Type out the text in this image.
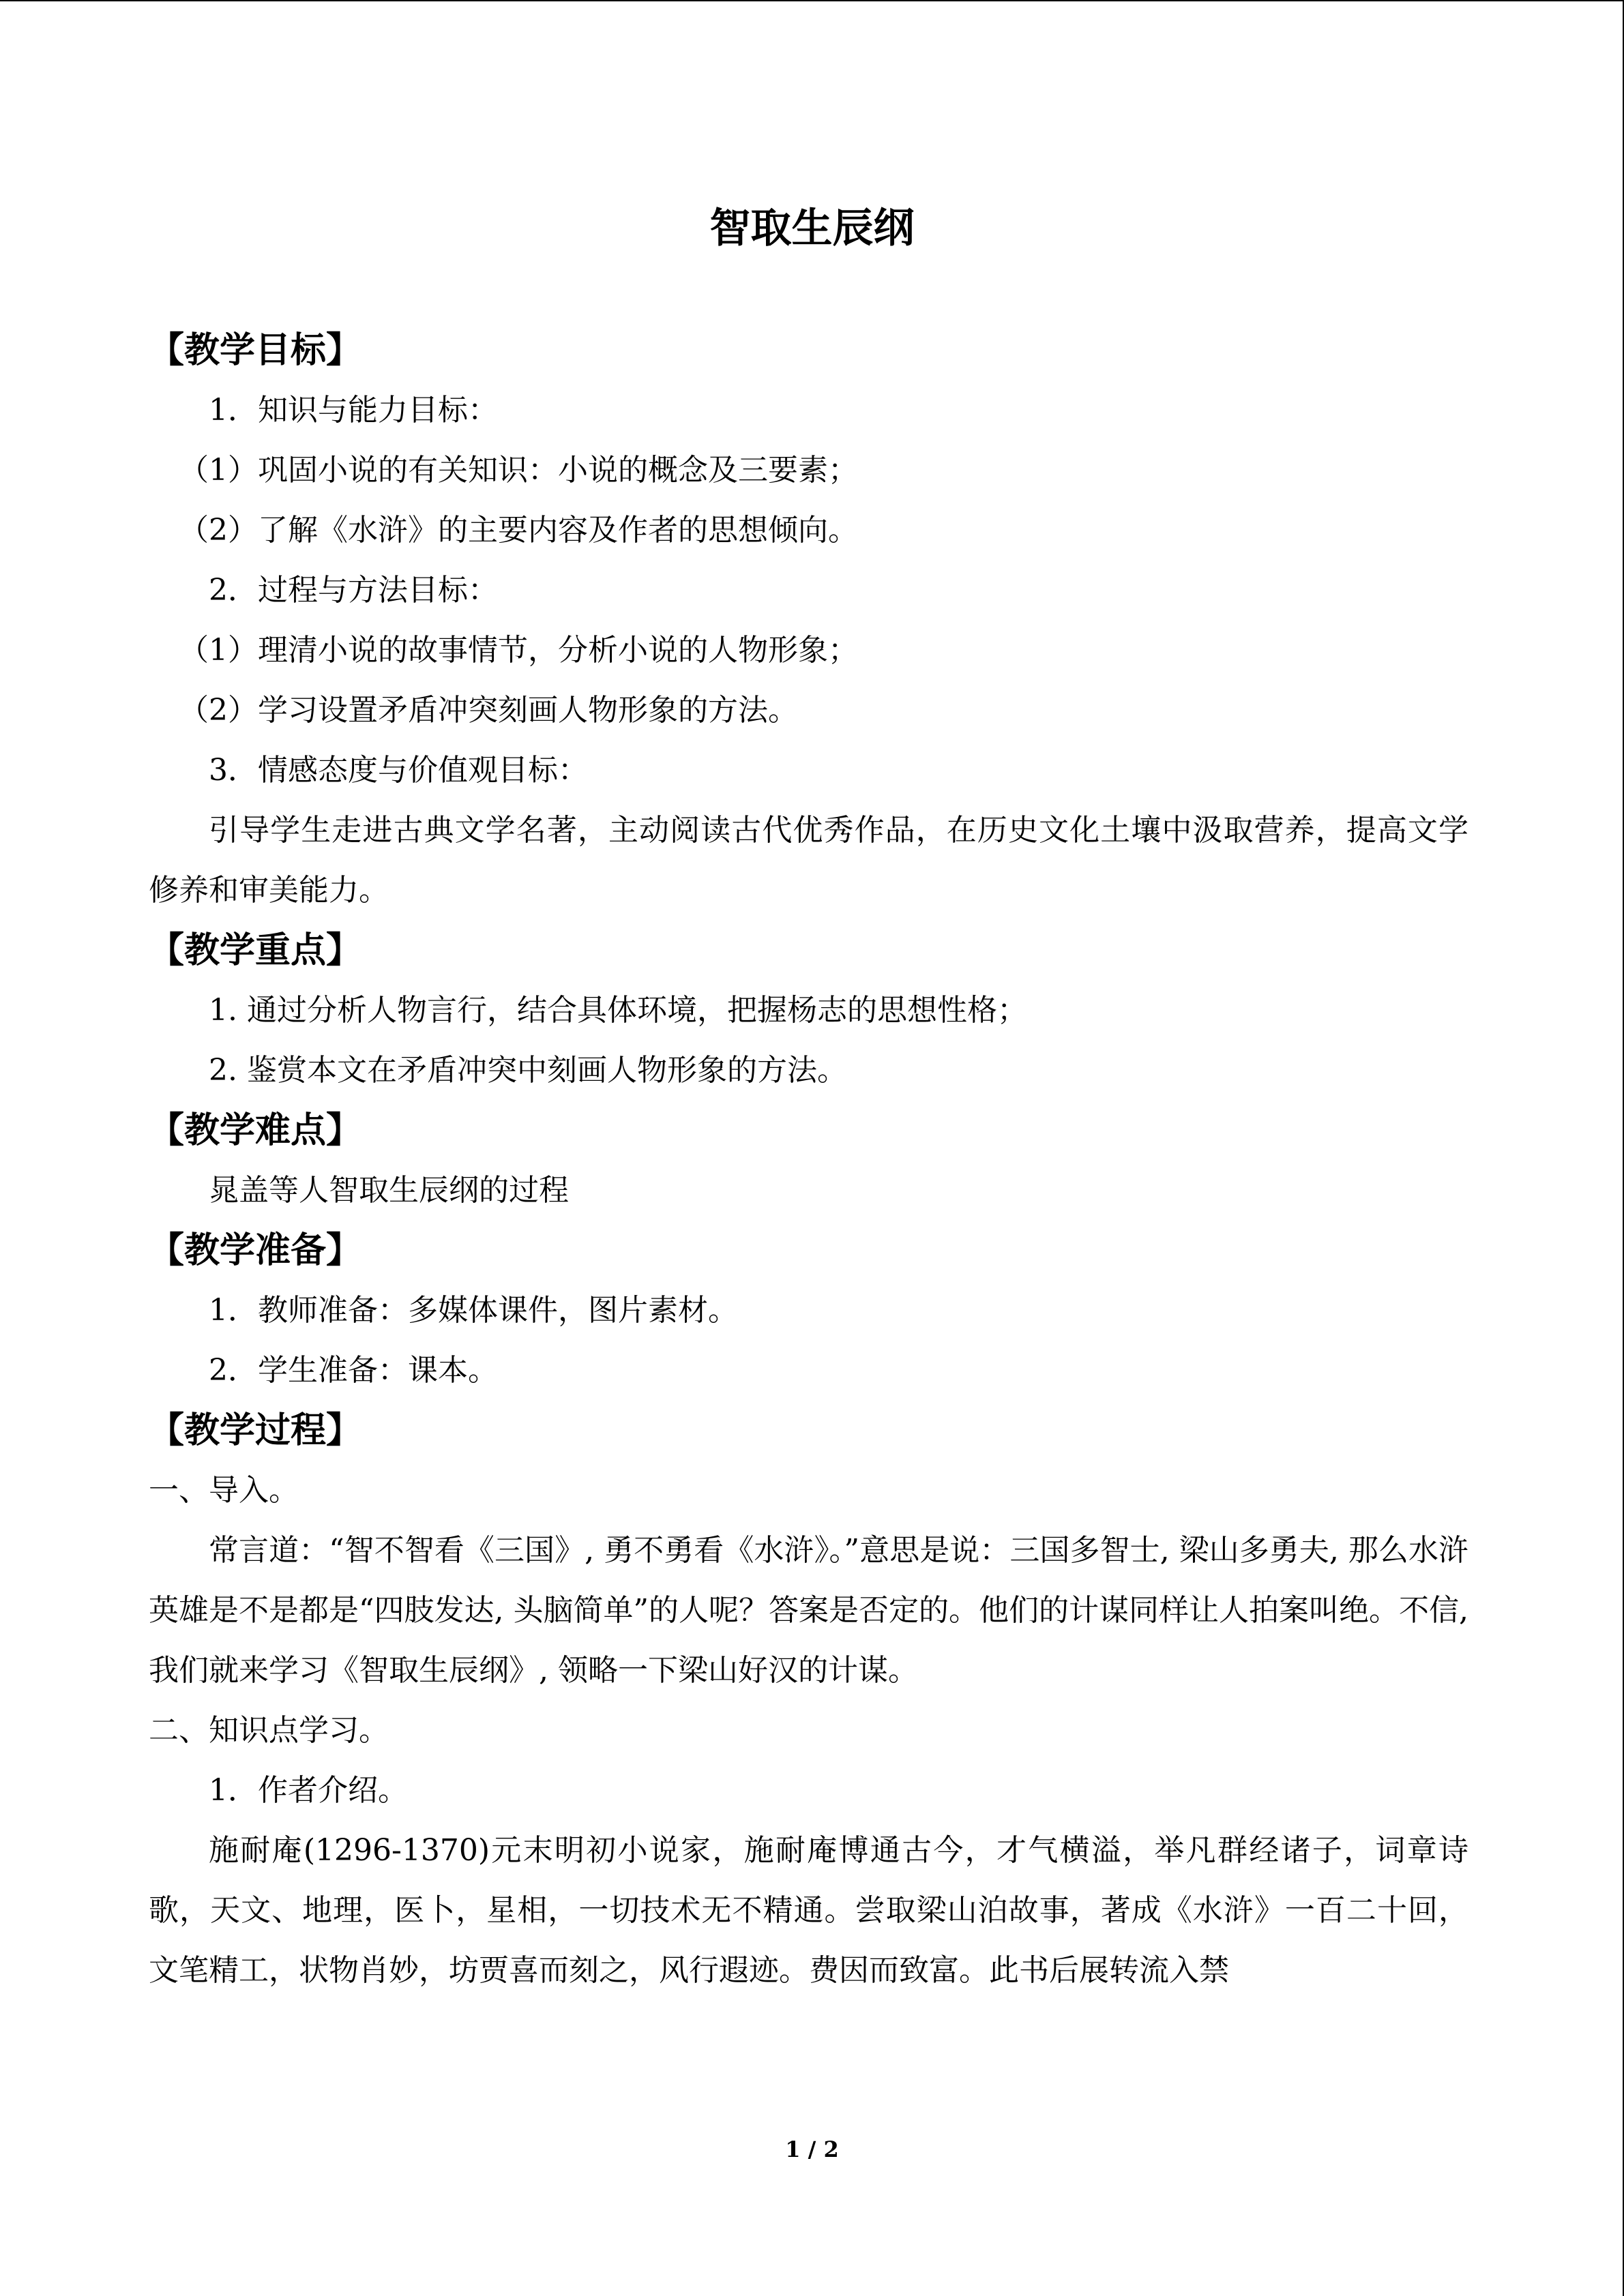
智取生辰纲

【教学目标】

1．知识与能力目标：

（1）巩固小说的有关知识：小说的概念及三要素；

（2）了解《水浒》的主要内容及作者的思想倾向。

2．过程与方法目标：

（1）理清小说的故事情节，分析小说的人物形象；

（2）学习设置矛盾冲突刻画人物形象的方法。

3．情感态度与价值观目标：

引导学生走进古典文学名著，主动阅读古代优秀作品，在历史文化土壤中汲取营养，提高文学修养和审美能力。

【教学重点】

1. 通过分析人物言行，结合具体环境，把握杨志的思想性格；

2. 鉴赏本文在矛盾冲突中刻画人物形象的方法。

【教学难点】

晁盖等人智取生辰纲的过程

【教学准备】

1．教师准备：多媒体课件，图片素材。

2．学生准备：课本。

【教学过程】

一、导入。

常言道：“智不智看《三国》, 勇不勇看《水浒》。”意思是说：三国多智士, 梁山多勇夫, 那么水浒英雄是不是都是“四肢发达, 头脑简单”的人呢？答案是否定的。他们的计谋同样让人拍案叫绝。不信, 我们就来学习《智取生辰纲》, 领略一下梁山好汉的计谋。

二、知识点学习。

1．作者介绍。

施耐庵(1296-1370)元末明初小说家，施耐庵博通古今，才气横溢，举凡群经诸子，词章诗歌，天文、地理，医卜，星相，一切技术无不精通。尝取梁山泊故事，著成《水浒》一百二十回，文笔精工，状物肖妙，坊贾喜而刻之，风行遐迹。费因而致富。此书后展转流入禁

1 / 2
